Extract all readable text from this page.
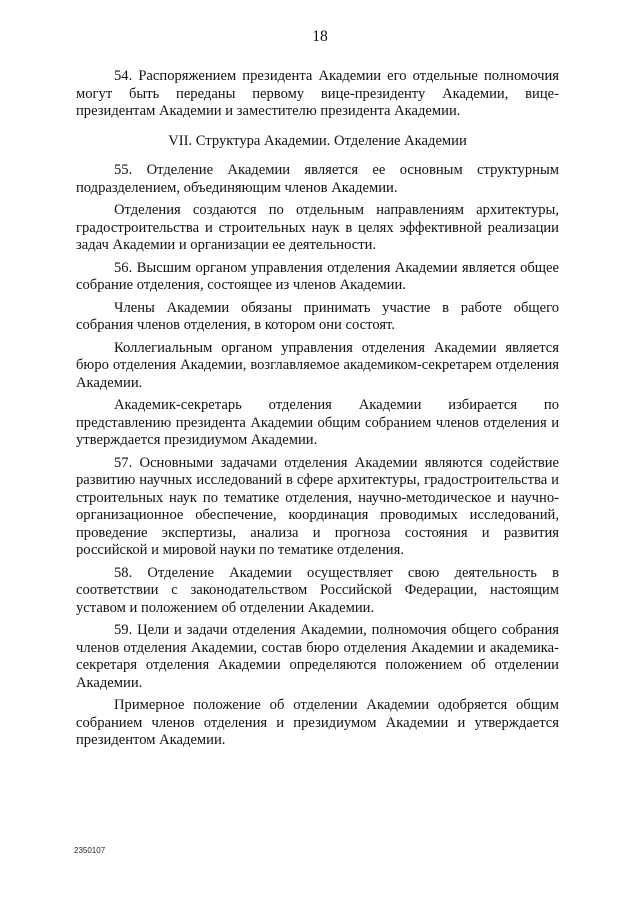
18

54. Распоряжением президента Академии его отдельные полномочия могут быть переданы первому вице-президенту Академии, вице-президентам Академии и заместителю президента Академии.

VII. Структура Академии. Отделение Академии

55. Отделение Академии является ее основным структурным подразделением, объединяющим членов Академии.

Отделения создаются по отдельным направлениям архитектуры, градостроительства и строительных наук в целях эффективной реализации задач Академии и организации ее деятельности.

56. Высшим органом управления отделения Академии является общее собрание отделения, состоящее из членов Академии.

Члены Академии обязаны принимать участие в работе общего собрания членов отделения, в котором они состоят.

Коллегиальным органом управления отделения Академии является бюро отделения Академии, возглавляемое академиком-секретарем отделения Академии.

Академик-секретарь отделения Академии избирается по представлению президента Академии общим собранием членов отделения и утверждается президиумом Академии.

57. Основными задачами отделения Академии являются содействие развитию научных исследований в сфере архитектуры, градостроительства и строительных наук по тематике отделения, научно-методическое и научно-организационное обеспечение, координация проводимых исследований, проведение экспертизы, анализа и прогноза состояния и развития российской и мировой науки по тематике отделения.

58. Отделение Академии осуществляет свою деятельность в соответствии с законодательством Российской Федерации, настоящим уставом и положением об отделении Академии.

59. Цели и задачи отделения Академии, полномочия общего собрания членов отделения Академии, состав бюро отделения Академии и академика-секретаря отделения Академии определяются положением об отделении Академии.

Примерное положение об отделении Академии одобряется общим собранием членов отделения и президиумом Академии и утверждается президентом Академии.

2350107
